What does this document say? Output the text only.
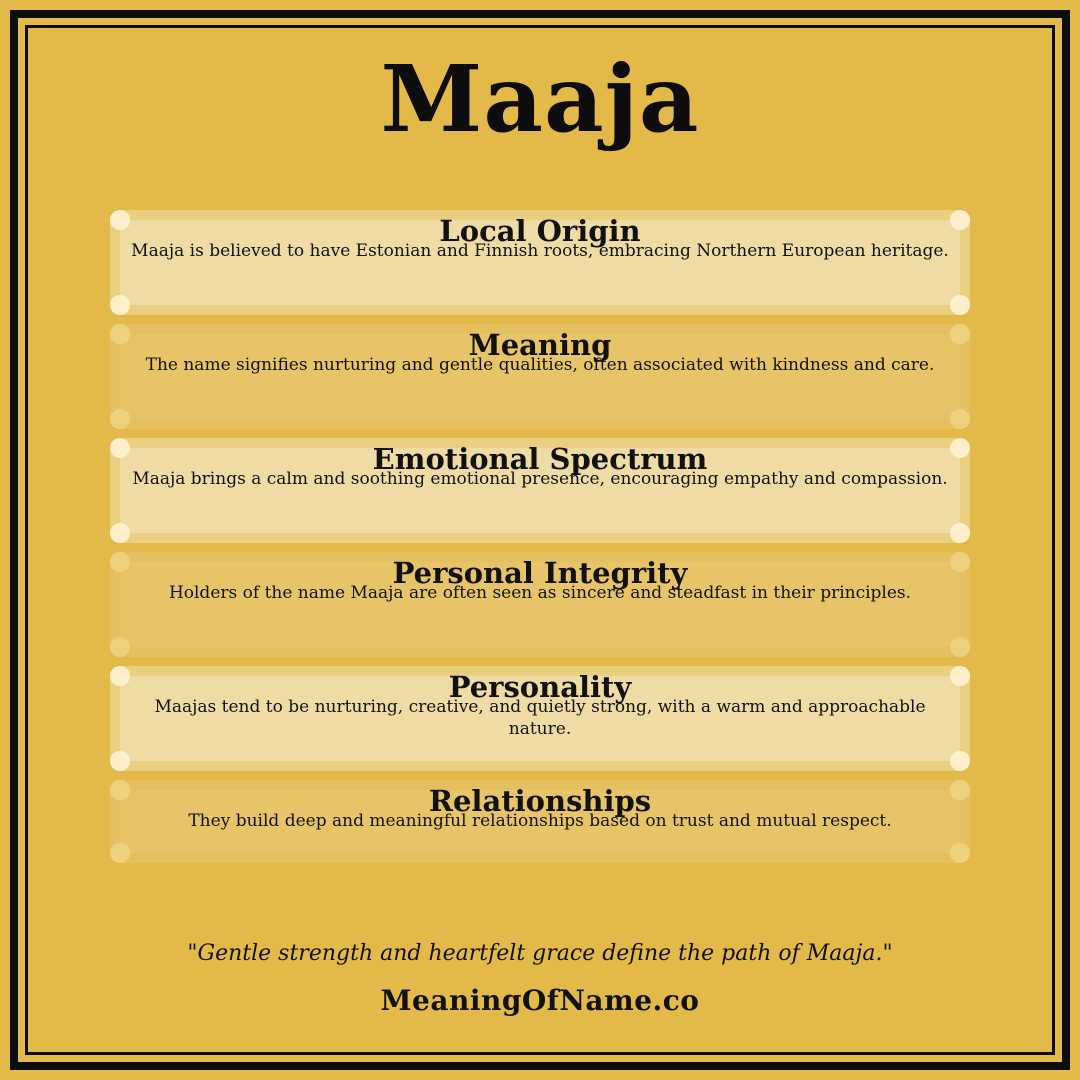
Maaja
Local Origin
Maaja is believed to have Estonian and Finnish roots, embracing Northern European heritage.
Meaning
The name signifies nurturing and gentle qualities, often associated with kindness and care.
Emotional Spectrum
Maaja brings a calm and soothing emotional presence, encouraging empathy and compassion.
Personal Integrity
Holders of the name Maaja are often seen as sincere and steadfast in their principles.
Personality
Maajas tend to be nurturing, creative, and quietly strong, with a warm and approachable nature.
Relationships
They build deep and meaningful relationships based on trust and mutual respect.
"Gentle strength and heartfelt grace define the path of Maaja."
MeaningOfName.co
